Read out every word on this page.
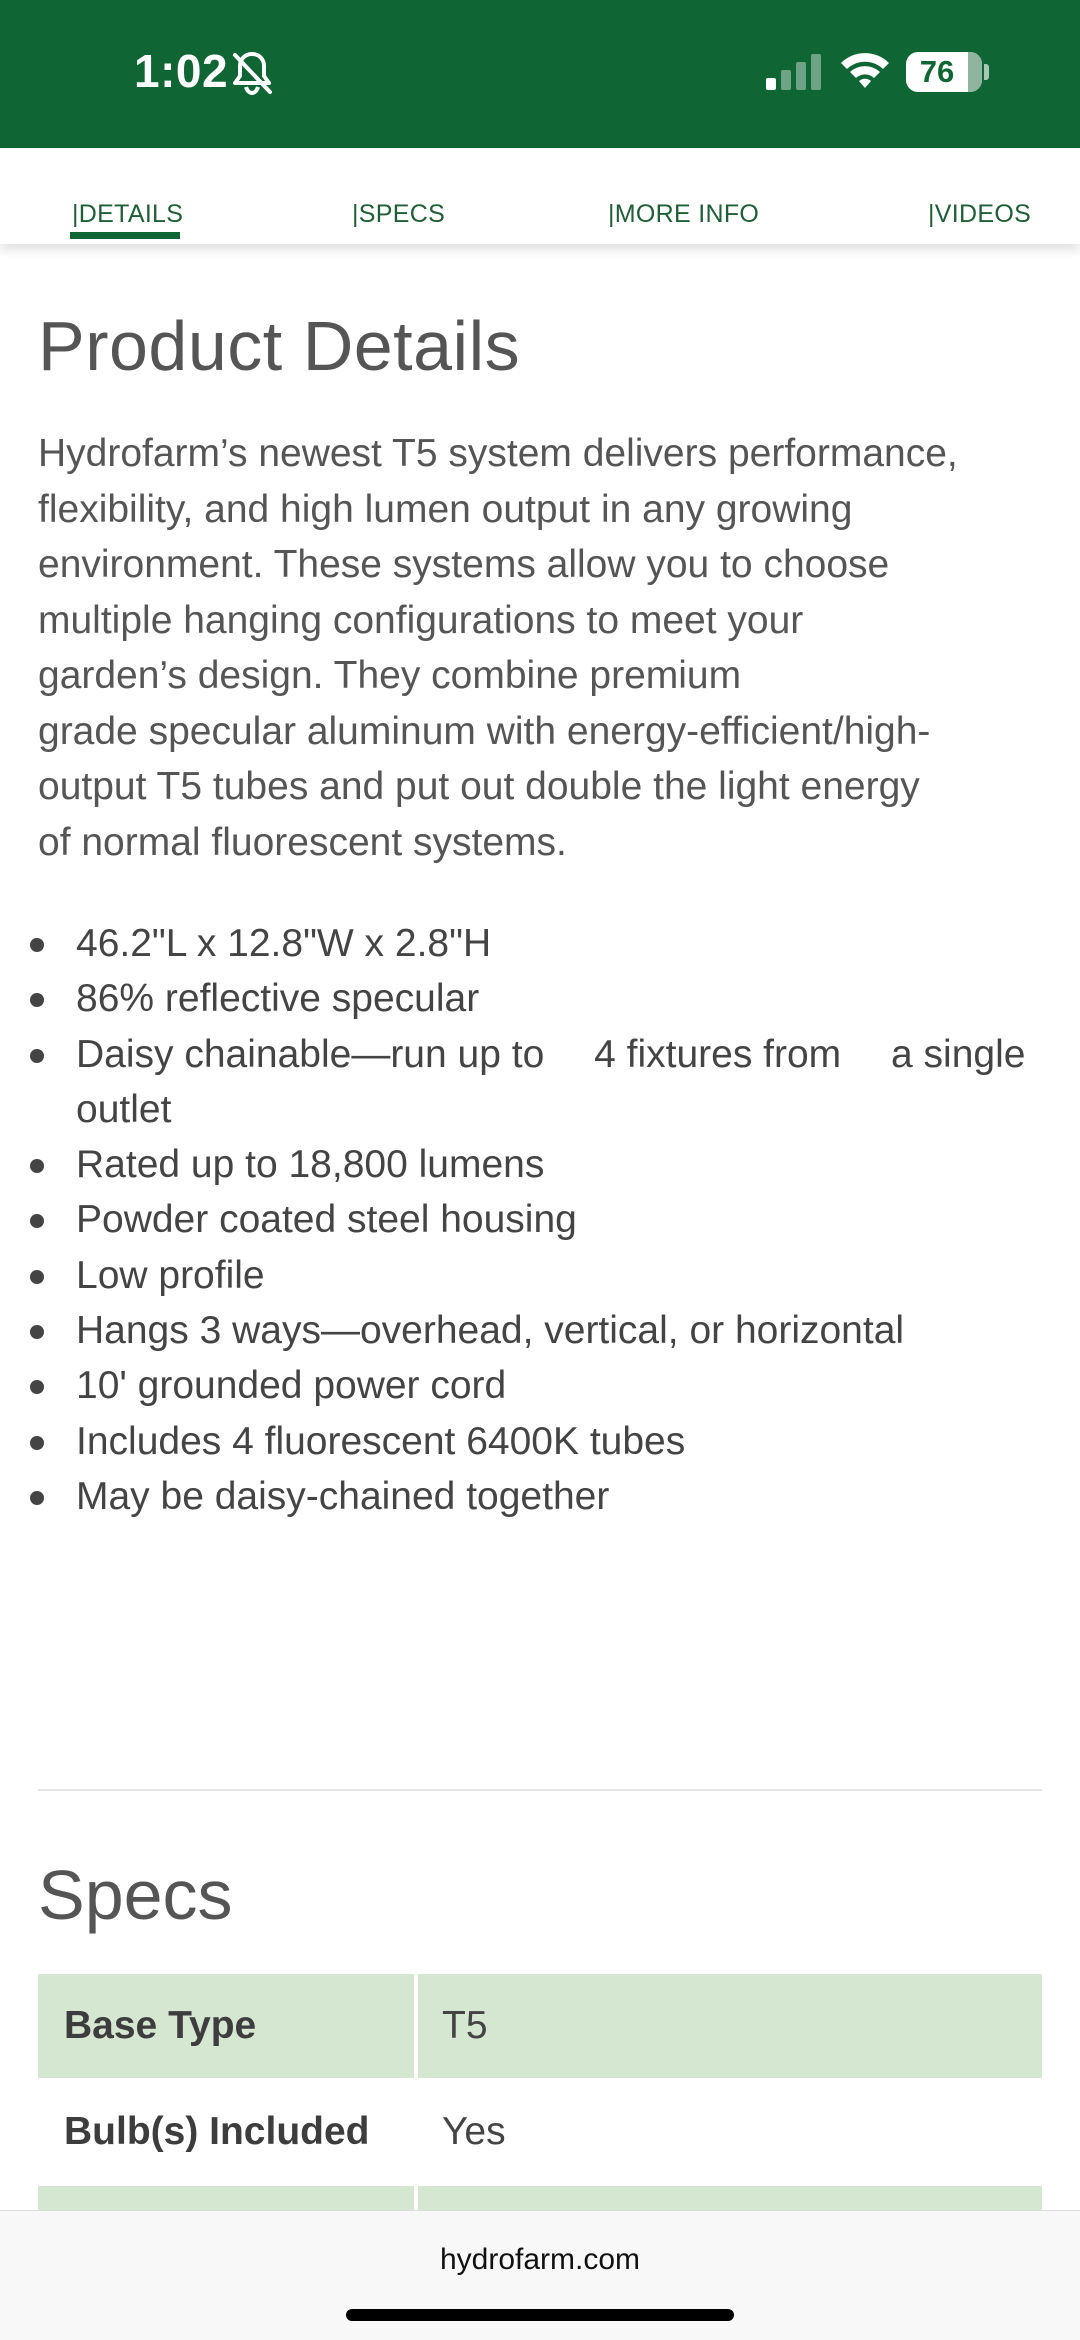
1:02	76
|DETAILS	|SPECS	|MORE INFO	|VIDEOS
Product Details
Hydrofarm’s newest T5 system delivers performance,
flexibility, and high lumen output in any growing
environment. These systems allow you to choose
multiple hanging configurations to meet your
garden’s design. They combine premium
grade specular aluminum with energy-efficient/high-
output T5 tubes and put out double the light energy
of normal fluorescent systems.
46.2"L x 12.8"W x 2.8"H
86% reflective specular
Daisy chainable—run up to  4 fixtures from  a single outlet
Rated up to 18,800 lumens
Powder coated steel housing
Low profile
Hangs 3 ways—overhead, vertical, or horizontal
10' grounded power cord
Includes 4 fluorescent 6400K tubes
May be daisy-chained together
Specs
Base Type	T5
Bulb(s) Included	Yes
hydrofarm.com
